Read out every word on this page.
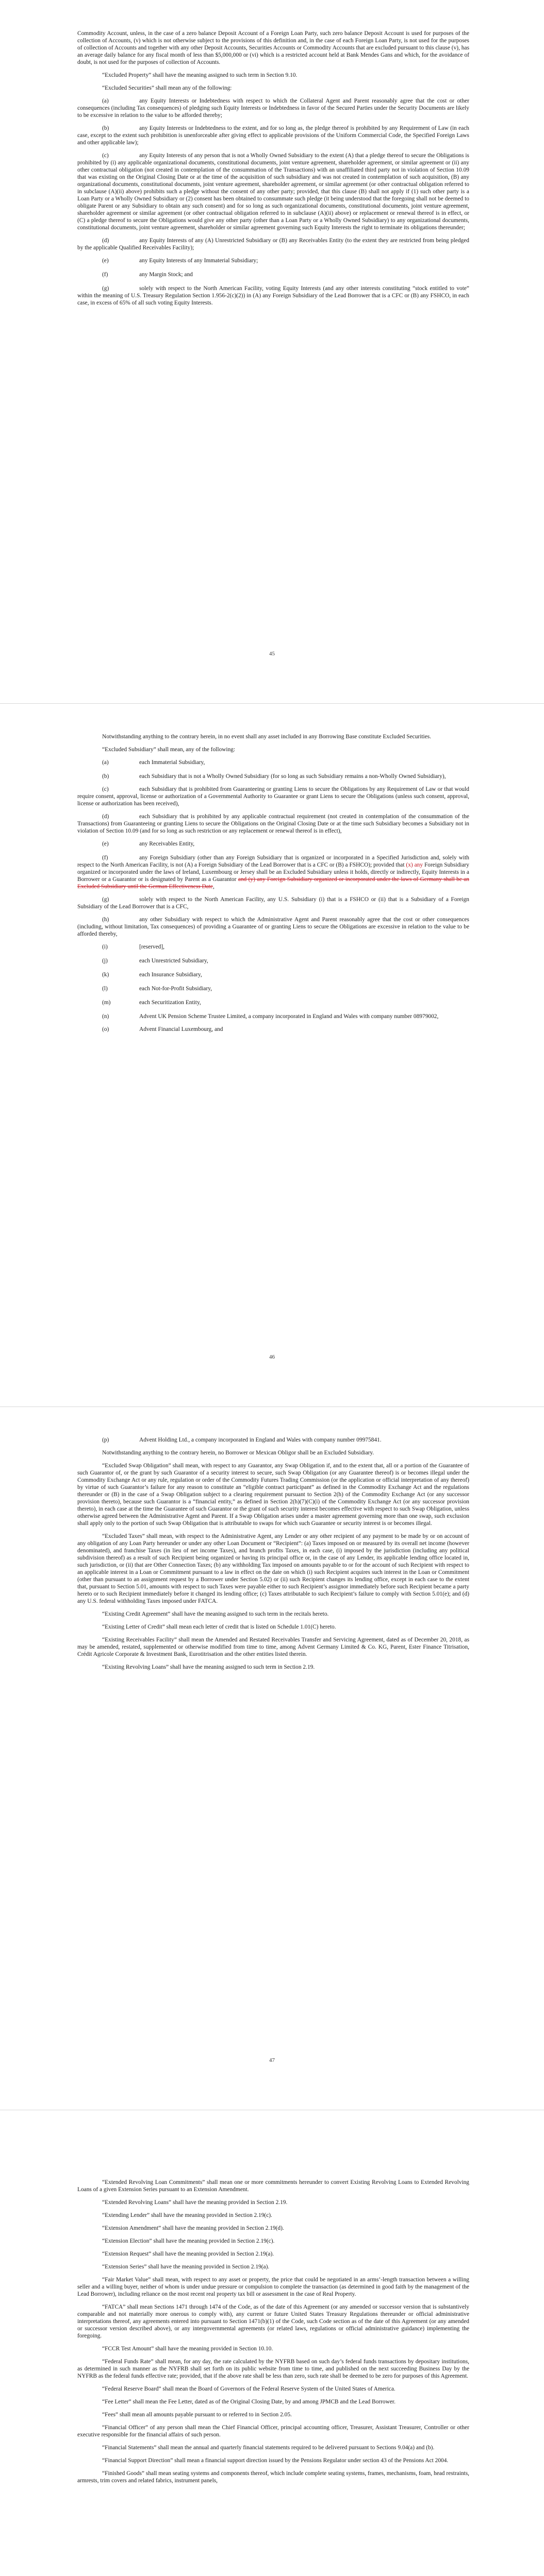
Commodity Account, unless, in the case of a zero balance Deposit Account of a Foreign Loan Party, such zero balance Deposit Account is used for purposes of the collection of Accounts, (v) which is not otherwise subject to the provisions of this definition and, in the case of each Foreign Loan Party, is not used for the purposes of collection of Accounts and together with any other Deposit Accounts, Securities Accounts or Commodity Accounts that are excluded pursuant to this clause (v), has an average daily balance for any fiscal month of less than $5,000,000 or (vi) which is a restricted account held at Bank Mendes Gans and which, for the avoidance of doubt, is not used for the purposes of collection of Accounts.

“Excluded Property” shall have the meaning assigned to such term in Section 9.10.

“Excluded Securities” shall mean any of the following:

(a)	any Equity Interests or Indebtedness with respect to which the Collateral Agent and Parent reasonably agree that the cost or other consequences (including Tax consequences) of pledging such Equity Interests or Indebtedness in favor of the Secured Parties under the Security Documents are likely to be excessive in relation to the value to be afforded thereby;

(b)	any Equity Interests or Indebtedness to the extent, and for so long as, the pledge thereof is prohibited by any Requirement of Law (in each case, except to the extent such prohibition is unenforceable after giving effect to applicable provisions of the Uniform Commercial Code, the Specified Foreign Laws and other applicable law);

(c)	any Equity Interests of any person that is not a Wholly Owned Subsidiary to the extent (A) that a pledge thereof to secure the Obligations is prohibited by (i) any applicable organizational documents, constitutional documents, joint venture agreement, shareholder agreement, or similar agreement or (ii) any other contractual obligation (not created in contemplation of the consummation of the Transactions) with an unaffiliated third party not in violation of Section 10.09 that was existing on the Original Closing Date or at the time of the acquisition of such subsidiary and was not created in contemplation of such acquisition, (B) any organizational documents, constitutional documents, joint venture agreement, shareholder agreement, or similar agreement (or other contractual obligation referred to in subclause (A)(ii) above) prohibits such a pledge without the consent of any other party; provided, that this clause (B) shall not apply if (1) such other party is a Loan Party or a Wholly Owned Subsidiary or (2) consent has been obtained to consummate such pledge (it being understood that the foregoing shall not be deemed to obligate Parent or any Subsidiary to obtain any such consent) and for so long as such organizational documents, constitutional documents, joint venture agreement, shareholder agreement or similar agreement (or other contractual obligation referred to in subclause (A)(ii) above) or replacement or renewal thereof is in effect, or (C) a pledge thereof to secure the Obligations would give any other party (other than a Loan Party or a Wholly Owned Subsidiary) to any organizational documents, constitutional documents, joint venture agreement, shareholder or similar agreement governing such Equity Interests the right to terminate its obligations thereunder;

(d)	any Equity Interests of any (A) Unrestricted Subsidiary or (B) any Receivables Entity (to the extent they are restricted from being pledged by the applicable Qualified Receivables Facility);

(e)	any Equity Interests of any Immaterial Subsidiary;

(f)	any Margin Stock; and

(g)	solely with respect to the North American Facility, voting Equity Interests (and any other interests constituting “stock entitled to vote” within the meaning of U.S. Treasury Regulation Section 1.956-2(c)(2)) in (A) any Foreign Subsidiary of the Lead Borrower that is a CFC or (B) any FSHCO, in each case, in excess of 65% of all such voting Equity Interests.

45

Notwithstanding anything to the contrary herein, in no event shall any asset included in any Borrowing Base constitute Excluded Securities.

“Excluded Subsidiary” shall mean, any of the following:

(a)	each Immaterial Subsidiary,

(b)	each Subsidiary that is not a Wholly Owned Subsidiary (for so long as such Subsidiary remains a non-Wholly Owned Subsidiary),

(c)	each Subsidiary that is prohibited from Guaranteeing or granting Liens to secure the Obligations by any Requirement of Law or that would require consent, approval, license or authorization of a Governmental Authority to Guarantee or grant Liens to secure the Obligations (unless such consent, approval, license or authorization has been received),

(d)	each Subsidiary that is prohibited by any applicable contractual requirement (not created in contemplation of the consummation of the Transactions) from Guaranteeing or granting Liens to secure the Obligations on the Original Closing Date or at the time such Subsidiary becomes a Subsidiary not in violation of Section 10.09 (and for so long as such restriction or any replacement or renewal thereof is in effect),

(e)	any Receivables Entity,

(f)	any Foreign Subsidiary (other than any Foreign Subsidiary that is organized or incorporated in a Specified Jurisdiction and, solely with respect to the North American Facility, is not (A) a Foreign Subsidiary of the Lead Borrower that is a CFC or (B) a FSHCO); provided that (x) any Foreign Subsidiary organized or incorporated under the laws of Ireland, Luxembourg or Jersey shall be an Excluded Subsidiary unless it holds, directly or indirectly, Equity Interests in a Borrower or a Guarantor or is designated by Parent as a Guarantor and (y) any Foreign Subsidiary organized or incorporated under the laws of Germany shall be an Excluded Subsidiary until the German Effectiveness Date,

(g)	solely with respect to the North American Facility, any U.S. Subsidiary (i) that is a FSHCO or (ii) that is a Subsidiary of a Foreign Subsidiary of the Lead Borrower that is a CFC,

(h)	any other Subsidiary with respect to which the Administrative Agent and Parent reasonably agree that the cost or other consequences (including, without limitation, Tax consequences) of providing a Guarantee of or granting Liens to secure the Obligations are excessive in relation to the value to be afforded thereby,

(i)	[reserved],

(j)	each Unrestricted Subsidiary,

(k)	each Insurance Subsidiary,

(l)	each Not-for-Profit Subsidiary,

(m)	each Securitization Entity,

(n)	Advent UK Pension Scheme Trustee Limited, a company incorporated in England and Wales with company number 08979002,

(o)	Advent Financial Luxembourg, and

46

(p)	Advent Holding Ltd., a company incorporated in England and Wales with company number 09975841.

Notwithstanding anything to the contrary herein, no Borrower or Mexican Obligor shall be an Excluded Subsidiary.

“Excluded Swap Obligation” shall mean, with respect to any Guarantor, any Swap Obligation if, and to the extent that, all or a portion of the Guarantee of such Guarantor of, or the grant by such Guarantor of a security interest to secure, such Swap Obligation (or any Guarantee thereof) is or becomes illegal under the Commodity Exchange Act or any rule, regulation or order of the Commodity Futures Trading Commission (or the application or official interpretation of any thereof) by virtue of such Guarantor’s failure for any reason to constitute an “eligible contract participant” as defined in the Commodity Exchange Act and the regulations thereunder or (B) in the case of a Swap Obligation subject to a clearing requirement pursuant to Section 2(h) of the Commodity Exchange Act (or any successor provision thereto), because such Guarantor is a “financial entity,” as defined in Section 2(h)(7)(C)(i) of the Commodity Exchange Act (or any successor provision thereto), in each case at the time the Guarantee of such Guarantor or the grant of such security interest becomes effective with respect to such Swap Obligation, unless otherwise agreed between the Administrative Agent and Parent. If a Swap Obligation arises under a master agreement governing more than one swap, such exclusion shall apply only to the portion of such Swap Obligation that is attributable to swaps for which such Guarantee or security interest is or becomes illegal.

“Excluded Taxes” shall mean, with respect to the Administrative Agent, any Lender or any other recipient of any payment to be made by or on account of any obligation of any Loan Party hereunder or under any other Loan Document or “Recipient”: (a) Taxes imposed on or measured by its overall net income (however denominated), and franchise Taxes (in lieu of net income Taxes), and branch profits Taxes, in each case, (i) imposed by the jurisdiction (including any political subdivision thereof) as a result of such Recipient being organized or having its principal office or, in the case of any Lender, its applicable lending office located in, such jurisdiction, or (ii) that are Other Connection Taxes; (b) any withholding Tax imposed on amounts payable to or for the account of such Recipient with respect to an applicable interest in a Loan or Commitment pursuant to a law in effect on the date on which (i) such Recipient acquires such interest in the Loan or Commitment (other than pursuant to an assignment request by a Borrower under Section 5.02) or (ii) such Recipient changes its lending office, except in each case to the extent that, pursuant to Section 5.01, amounts with respect to such Taxes were payable either to such Recipient’s assignor immediately before such Recipient became a party hereto or to such Recipient immediately before it changed its lending office; (c) Taxes attributable to such Recipient’s failure to comply with Section 5.01(e); and (d) any U.S. federal withholding Taxes imposed under FATCA.

“Existing Credit Agreement” shall have the meaning assigned to such term in the recitals hereto.

“Existing Letter of Credit” shall mean each letter of credit that is listed on Schedule 1.01(C) hereto.

“Existing Receivables Facility” shall mean the Amended and Restated Receivables Transfer and Servicing Agreement, dated as of December 20, 2018, as may be amended, restated, supplemented or otherwise modified from time to time, among Advent Germany Limited & Co. KG, Parent, Ester Finance Titrisation, Crédit Agricole Corporate & Investment Bank, Eurotitrisation and the other entities listed therein.

“Existing Revolving Loans” shall have the meaning assigned to such term in Section 2.19.

47

“Extended Revolving Loan Commitments” shall mean one or more commitments hereunder to convert Existing Revolving Loans to Extended Revolving Loans of a given Extension Series pursuant to an Extension Amendment.

“Extended Revolving Loans” shall have the meaning provided in Section 2.19.

“Extending Lender” shall have the meaning provided in Section 2.19(c).

“Extension Amendment” shall have the meaning provided in Section 2.19(d).

“Extension Election” shall have the meaning provided in Section 2.19(c).

“Extension Request” shall have the meaning provided in Section 2.19(a).

“Extension Series” shall have the meaning provided in Section 2.19(a).

“Fair Market Value” shall mean, with respect to any asset or property, the price that could be negotiated in an arms’-length transaction between a willing seller and a willing buyer, neither of whom is under undue pressure or compulsion to complete the transaction (as determined in good faith by the management of the Lead Borrower), including reliance on the most recent real property tax bill or assessment in the case of Real Property.

“FATCA” shall mean Sections 1471 through 1474 of the Code, as of the date of this Agreement (or any amended or successor version that is substantively comparable and not materially more onerous to comply with), any current or future United States Treasury Regulations thereunder or official administrative interpretations thereof, any agreements entered into pursuant to Section 1471(b)(1) of the Code, such Code section as of the date of this Agreement (or any amended or successor version described above), or any intergovernmental agreements (or related laws, regulations or official administrative guidance) implementing the foregoing.

“FCCR Test Amount” shall have the meaning provided in Section 10.10.

“Federal Funds Rate” shall mean, for any day, the rate calculated by the NYFRB based on such day’s federal funds transactions by depositary institutions, as determined in such manner as the NYFRB shall set forth on its public website from time to time, and published on the next succeeding Business Day by the NYFRB as the federal funds effective rate; provided, that if the above rate shall be less than zero, such rate shall be deemed to be zero for purposes of this Agreement.

“Federal Reserve Board” shall mean the Board of Governors of the Federal Reserve System of the United States of America.

“Fee Letter” shall mean the Fee Letter, dated as of the Original Closing Date, by and among JPMCB and the Lead Borrower.

“Fees” shall mean all amounts payable pursuant to or referred to in Section 2.05.

“Financial Officer” of any person shall mean the Chief Financial Officer, principal accounting officer, Treasurer, Assistant Treasurer, Controller or other executive responsible for the financial affairs of such person.

“Financial Statements” shall mean the annual and quarterly financial statements required to be delivered pursuant to Sections 9.04(a) and (b).

“Financial Support Direction” shall mean a financial support direction issued by the Pensions Regulator under section 43 of the Pensions Act 2004.

“Finished Goods” shall mean seating systems and components thereof, which include complete seating systems, frames, mechanisms, foam, head restraints, armrests, trim covers and related fabrics, instrument panels,
